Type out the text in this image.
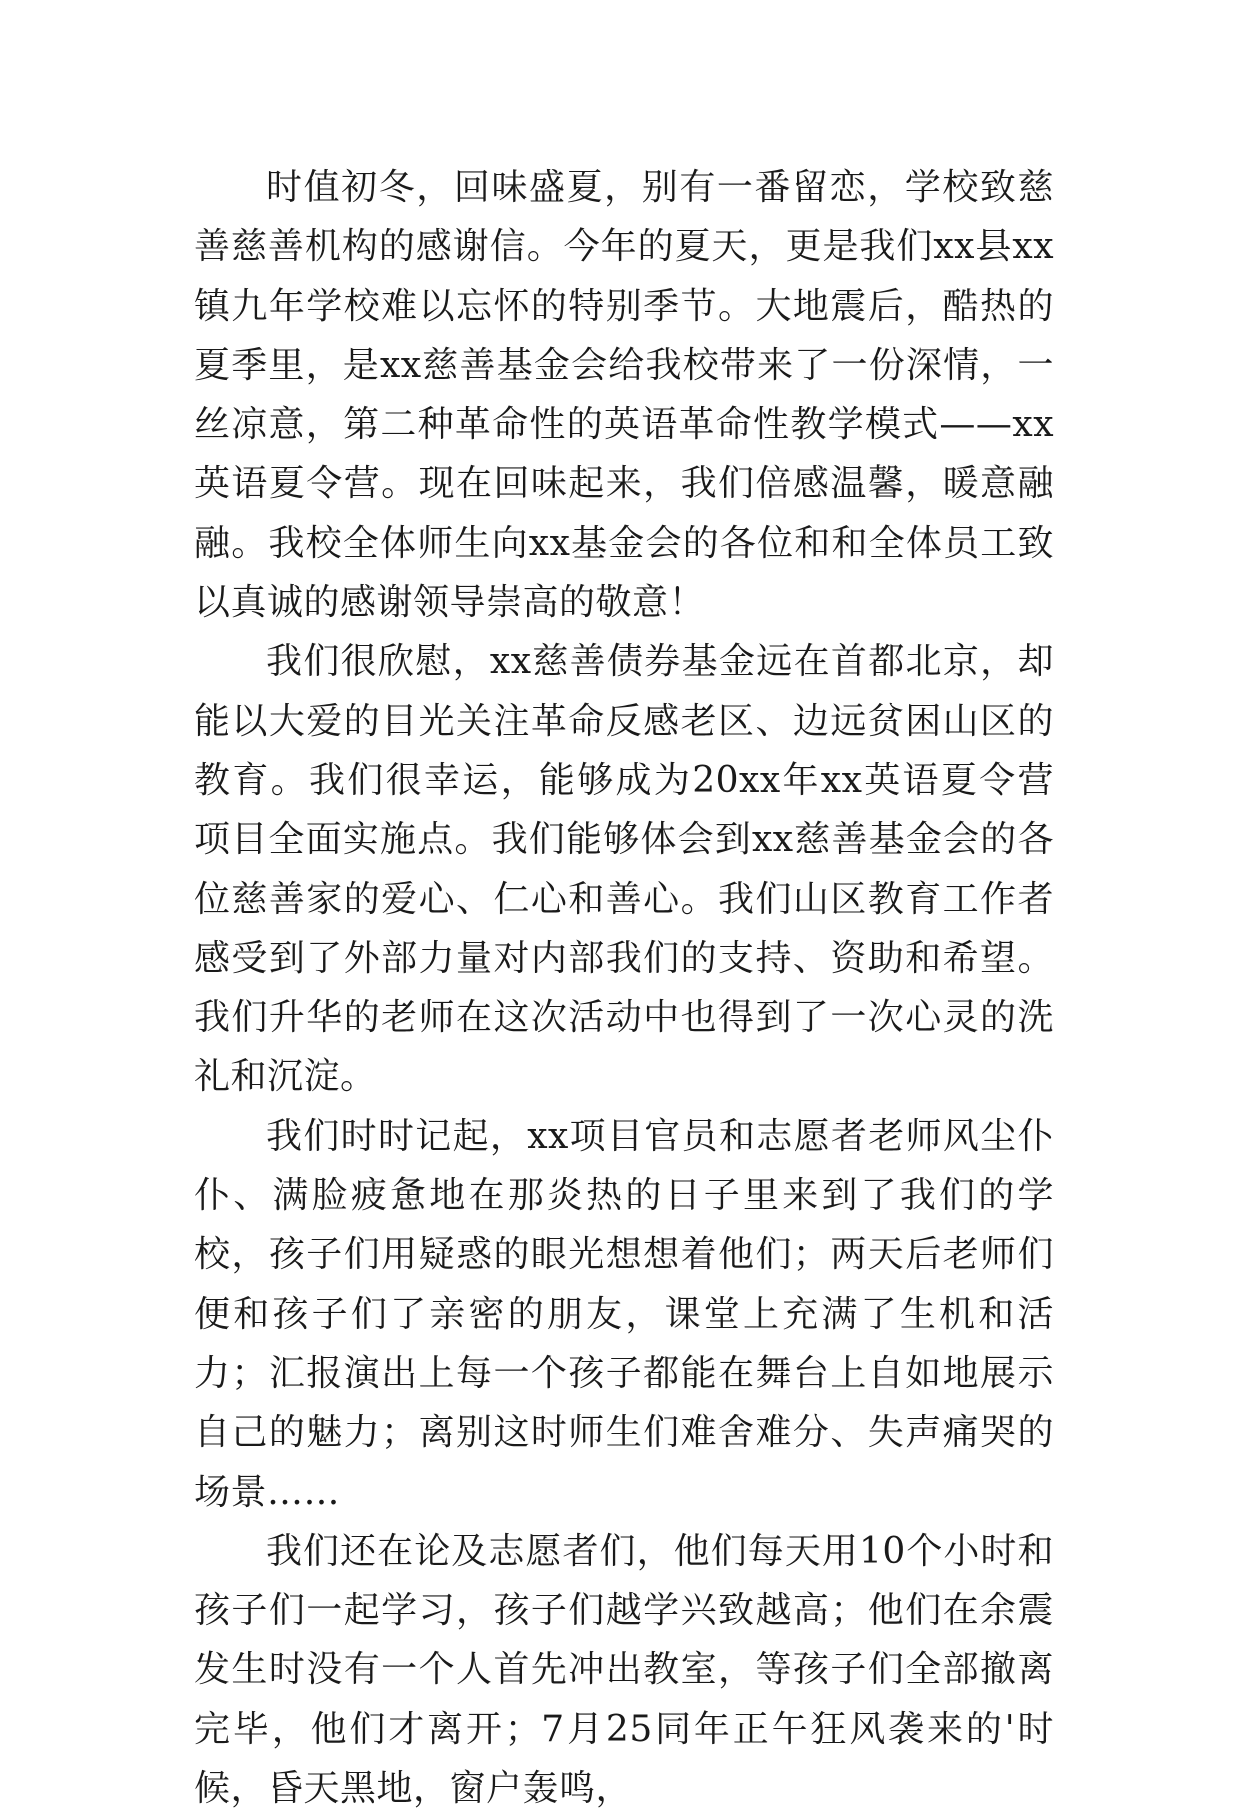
时值初冬，回味盛夏，别有一番留恋，学校致慈善慈善机构的感谢信。今年的夏天，更是我们xx县xx镇九年学校难以忘怀的特别季节。大地震后，酷热的夏季里，是xx慈善基金会给我校带来了一份深情，一丝凉意，第二种革命性的英语革命性教学模式——xx英语夏令营。现在回味起来，我们倍感温馨，暖意融融。我校全体师生向xx基金会的各位和和全体员工致以真诚的感谢领导崇高的敬意！

我们很欣慰，xx慈善债券基金远在首都北京，却能以大爱的目光关注革命反感老区、边远贫困山区的教育。我们很幸运，能够成为20xx年xx英语夏令营项目全面实施点。我们能够体会到xx慈善基金会的各位慈善家的爱心、仁心和善心。我们山区教育工作者感受到了外部力量对内部我们的支持、资助和希望。我们升华的老师在这次活动中也得到了一次心灵的洗礼和沉淀。

我们时时记起，xx项目官员和志愿者老师风尘仆仆、满脸疲惫地在那炎热的日子里来到了我们的学校，孩子们用疑惑的眼光想想着他们；两天后老师们便和孩子们了亲密的朋友，课堂上充满了生机和活力；汇报演出上每一个孩子都能在舞台上自如地展示自己的魅力；离别这时师生们难舍难分、失声痛哭的场景……

我们还在论及志愿者们，他们每天用10个小时和孩子们一起学习，孩子们越学兴致越高；他们在余震发生时没有一个人首先冲出教室，等孩子们全部撤离完毕，他们才离开；7月25同年正午狂风袭来的'时候，昏天黑地，窗户轰鸣，
